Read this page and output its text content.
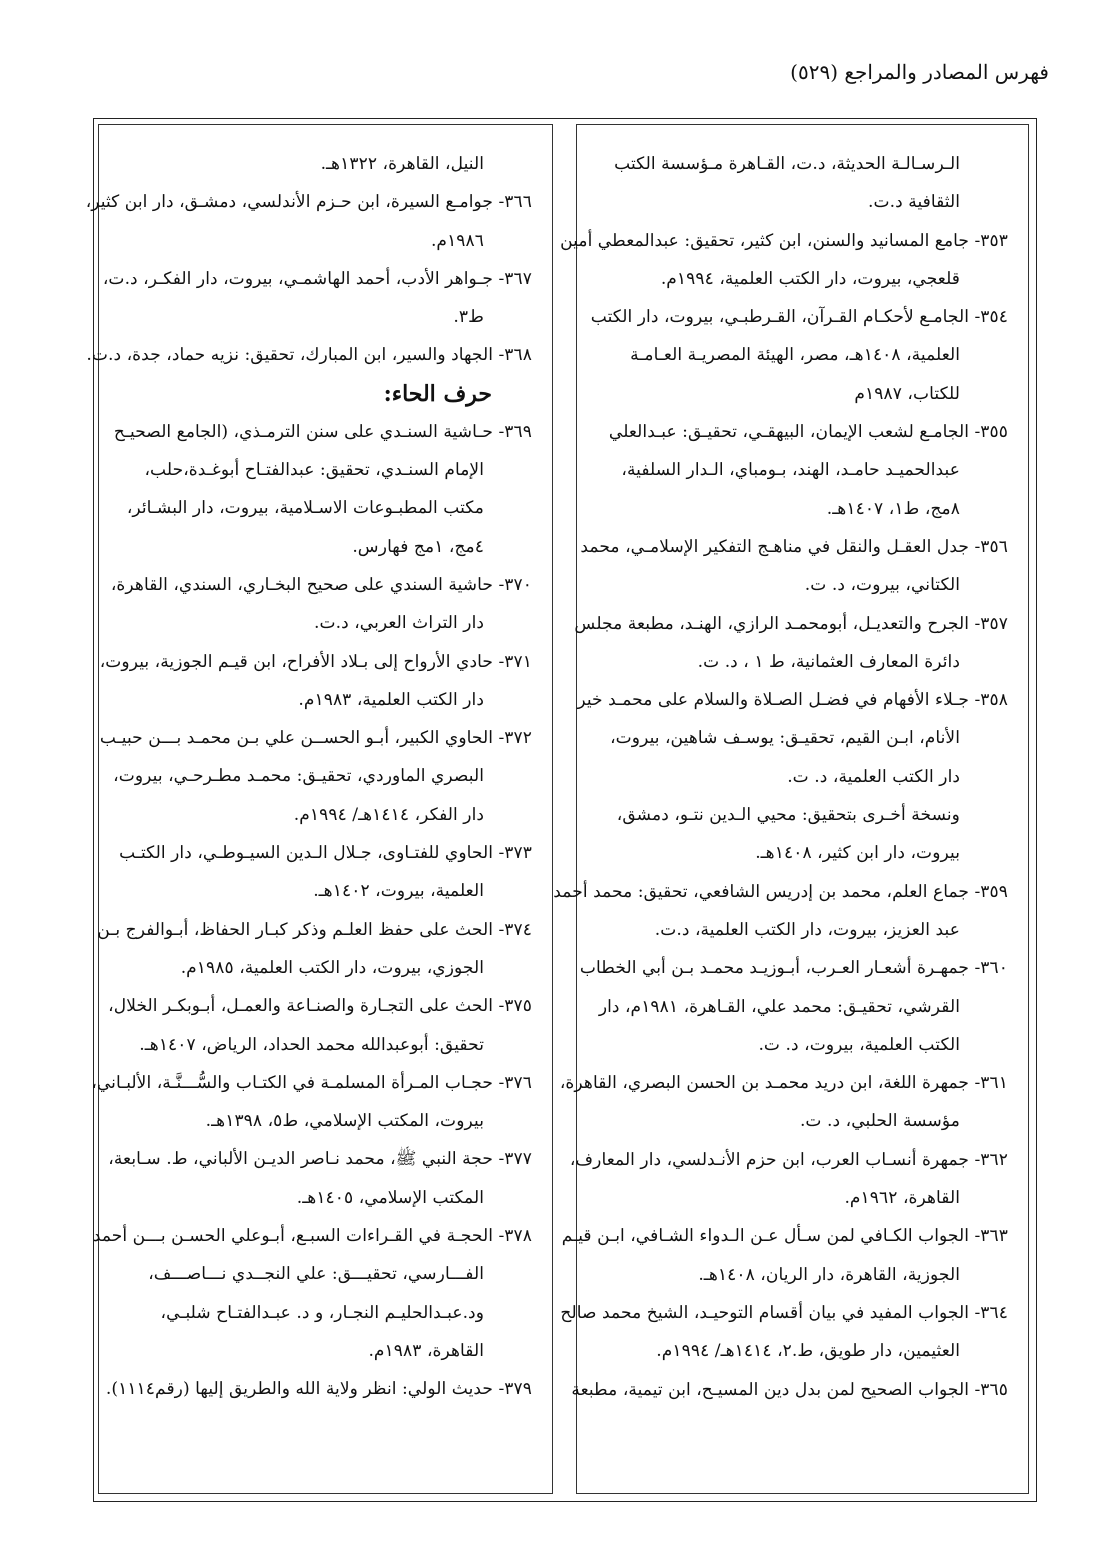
فهرس المصادر والمراجع (٥٢٩)
الـرسـالـة الحديثة، د.ت، القـاهرة مـؤسسة الكتب
الثقافية د.ت.
٣٥٣- جامع المسانيد والسنن، ابن كثير، تحقيق: عبدالمعطي أمين
قلعجي، بيروت، دار الكتب العلمية، ١٩٩٤م.
٣٥٤- الجامـع لأحكـام القـرآن، القـرطبـي، بيروت، دار الكتب
العلمية، ١٤٠٨هـ، مصر، الهيئة المصريـة العـامـة
للكتاب، ١٩٨٧م
٣٥٥- الجامـع لشعب الإيمان، البيهقـي، تحقيـق: عبـدالعلي
عبدالحميـد حامـد، الهند، بـومباي، الـدار السلفية،
٨مج، ط١، ١٤٠٧هـ.
٣٥٦- جدل العقـل والنقل في مناهـج التفكير الإسلامـي، محمد
الكتاني، بيروت، د. ت.
٣٥٧- الجرح والتعديـل، أبومحمـد الرازي، الهنـد، مطبعة مجلس
دائرة المعارف العثمانية، ط ١ ، د. ت.
٣٥٨- جـلاء الأفهام في فضـل الصـلاة والسلام على محمـد خير
الأنام، ابـن القيم، تحقيـق: يوسـف شاهين، بيروت،
دار الكتب العلمية، د. ت.
ونسخة أخـرى بتحقيق: محيي الـدين نتـو، دمشق،
بيروت، دار ابن كثير، ١٤٠٨هـ.
٣٥٩- جماع العلم، محمد بن إدريس الشافعي، تحقيق: محمد أحمد
عبد العزيز، بيروت، دار الكتب العلمية، د.ت.
٣٦٠- جمهـرة أشعـار العـرب، أبـوزيـد محمـد بـن أبي الخطاب
القرشي، تحقيـق: محمد علي، القـاهرة، ١٩٨١م، دار
الكتب العلمية، بيروت، د. ت.
٣٦١- جمهرة اللغة، ابن دريد محمـد بن الحسن البصري، القاهرة،
مؤسسة الحلبي، د. ت.
٣٦٢- جمهرة أنسـاب العرب، ابن حزم الأنـدلسي، دار المعارف،
القاهرة، ١٩٦٢م.
٣٦٣- الجواب الكـافي لمن سـأل عـن الـدواء الشـافي، ابـن قيـم
الجوزية، القاهرة، دار الريان، ١٤٠٨هـ.
٣٦٤- الجواب المفيد في بيان أقسام التوحيـد، الشيخ محمد صالح
العثيمين، دار طويق، ط.٢، ١٤١٤هـ/ ١٩٩٤م.
٣٦٥- الجواب الصحيح لمن بدل دين المسيـح، ابن تيمية، مطبعة
النيل، القاهرة، ١٣٢٢هـ.
٣٦٦- جوامـع السيرة، ابن حـزم الأندلسي، دمشـق، دار ابن كثير،
١٩٨٦م.
٣٦٧- جـواهر الأدب، أحمد الهاشمـي، بيروت، دار الفكـر، د.ت،
ط٣.
٣٦٨- الجهاد والسير، ابن المبارك، تحقيق: نزيه حماد، جدة، د.ت.
حرف الحاء:
٣٦٩- حـاشية السنـدي على سنن الترمـذي، (الجامع الصحيـح
الإمام السنـدي، تحقيق: عبدالفتـاح أبوغـدة،حلب،
مكتب المطبـوعات الاسـلامية، بيروت، دار البشـائر،
٤مج، ١مج فهارس.
٣٧٠- حاشية السندي على صحيح البخـاري، السندي، القاهرة،
دار التراث العربي، د.ت.
٣٧١- حادي الأرواح إلى بـلاد الأفراح، ابن قيـم الجوزية، بيروت،
دار الكتب العلمية، ١٩٨٣م.
٣٧٢- الحاوي الكبير، أبـو الحســن علي بـن محمـد بـــن حبيـب
البصري الماوردي، تحقيـق: محمـد مطـرحـي، بيروت،
دار الفكر، ١٤١٤هـ/ ١٩٩٤م.
٣٧٣- الحاوي للفتـاوى، جـلال الـدين السيـوطـي، دار الكتـب
العلمية، بيروت، ١٤٠٢هـ.
٣٧٤- الحث على حفظ العلـم وذكر كبـار الحفاظ، أبـوالفرج بـن
الجوزي، بيروت، دار الكتب العلمية، ١٩٨٥م.
٣٧٥- الحث على التجـارة والصنـاعة والعمـل، أبـوبكـر الخلال،
تحقيق: أبوعبدالله محمد الحداد، الرياض، ١٤٠٧هـ.
٣٧٦- حجـاب المـرأة المسلمـة في الكتـاب والسُّـــنَّـة، الألبـاني،
بيروت، المكتب الإسلامي، ط٥، ١٣٩٨هـ.
٣٧٧- حجة النبي ﷺ، محمد نـاصر الديـن الألباني، ط. سـابعة،
المكتب الإسلامي، ١٤٠٥هـ.
٣٧٨- الحجـة في القـراءات السبـع، أبـوعلي الحسـن بـــن أحمد
الفـــارسي، تحقيـــق: علي النجــدي نـــاصـــف،
ود.عبـدالحليـم النجـار، و د. عبـدالفتـاح شلبـي،
القاهرة، ١٩٨٣م.
٣٧٩- حديث الولي: انظر ولاية الله والطريق إليها (رقم١١١٤).
